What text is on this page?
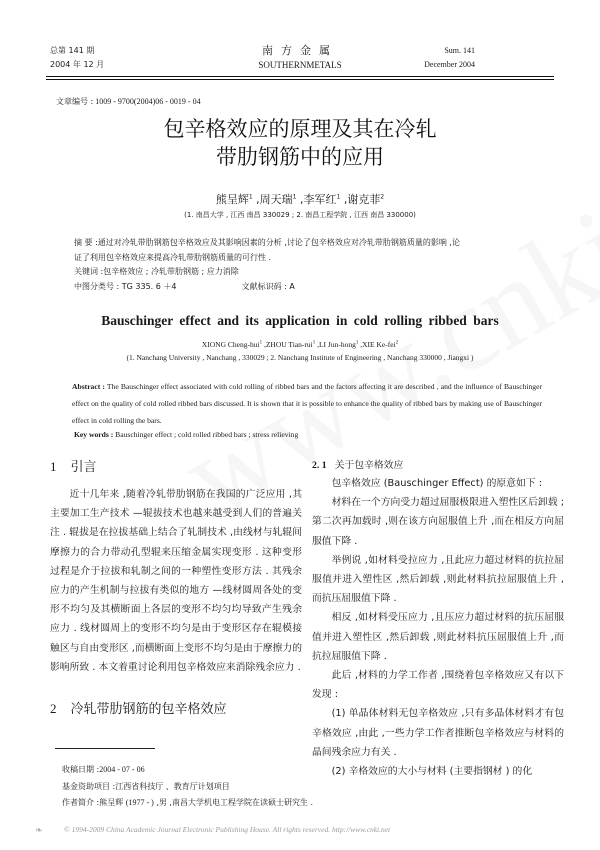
总第 141 期
2004 年 12 月
南方金属
SOUTHERNMETALS
Sum. 141
December 2004
文章编号 : 1009 - 9700(2004)06 - 0019 - 04
包辛格效应的原理及其在冷轧
带肋钢筋中的应用
熊呈辉$^1$ ,周天瑞$^1$ ,李军红$^1$ ,谢克菲$^2$
(1. 南昌大学 , 江西 南昌 330029 ; 2. 南昌工程学院 , 江西 南昌 330000)
摘 要 :通过对冷轧带肋钢筋包辛格效应及其影响因素的分析 ,讨论了包辛格效应对冷轧带肋钢筋质量的影响 ,论
证了利用包辛格效应来提高冷轧带肋钢筋质量的可行性 .
关键词 :包辛格效应 ; 冷轧带肋钢筋 ; 应力消除
中图分类号 : TG 335. 6 ＋4	文献标识码 : A
Bauschinger effect and its application in cold rolling ribbed bars
XIONG Cheng-hui$^1$ ,ZHOU Tian-rui$^1$ ,LI Jun-hong$^1$ ,XIE Ke-fei$^2$
(1. Nanchang University , Nanchang , 330029 ; 2. Nanchang Institute of Engineering , Nanchang 330000 , Jiangxi )
Abstract : The Bauschinger effect associated with cold rolling of ribbed bars and the factors affecting it are described , and the influence of Bauschinger effect on the quality of cold rolled ribbed bars discussed. It is shown that it is possible to enhance the quality of ribbed bars by making use of Bauschinger effect in cold rolling the bars.
Key words : Bauschinger effect ; cold rolled ribbed bars ; stress relieving
1 引言

近十几年来 ,随着冷轧带肋钢筋在我国的广泛应用 ,其主要加工生产技术 —辊拔技术也越来越受到人们的普遍关注 . 辊拔是在拉拔基础上结合了轧制技术 ,由线材与轧辊间摩擦力的合力带动孔型辊来压缩金属实现变形 . 这种变形过程是介于拉拔和轧制之间的一种塑性变形方法 . 其残余应力的产生机制与拉拔有类似的地方 —线材圆周各处的变形不均匀及其横断面上各层的变形不均匀均导致产生残余应力 . 线材圆周上的变形不均匀是由于变形区存在辊模接触区与自由变形区 ,而横断面上变形不均匀是由于摩擦力的影响所致 . 本文着重讨论利用包辛格效应来消除残余应力 .

2 冷轧带肋钢筋的包辛格效应
2. 1 关于包辛格效应

包辛格效应 (Bauschinger Effect) 的原意如下 :

材料在一个方向受力超过屈服极限进入塑性区后卸载 ;第二次再加载时 ,则在该方向屈服值上升 ,而在相反方向屈服值下降 .

举例说 ,如材料受拉应力 ,且此应力超过材料的抗拉屈服值并进入塑性区 ,然后卸载 ,则此材料抗拉屈服值上升 ,而抗压屈服值下降 .

相反 ,如材料受压应力 ,且压应力超过材料的抗压屈服值并进入塑性区 ,然后卸载 ,则此材料抗压屈服值上升 ,而抗拉屈服值下降 .

此后 ,材料的力学工作者 ,围绕着包辛格效应又有以下发现 :

(1) 单晶体材料无包辛格效应 ,只有多晶体材料才有包辛格效应 ,由此 ,一些力学工作者推断包辛格效应与材料的晶间残余应力有关 .

(2) 辛格效应的大小与材料 (主要指钢材 ) 的化

收稿日期 :2004 - 07 - 06
基金资助项目 :江西省科技厅 、教育厅计划项目
作者简介 :熊呈辉 (1977 - ) ,男 ,南昌大学机电工程学院在读硕士研究生 .
❧	© 1994-2009 China Academic Journal Electronic Publishing House. All rights reserved. http://www.cnki.net
